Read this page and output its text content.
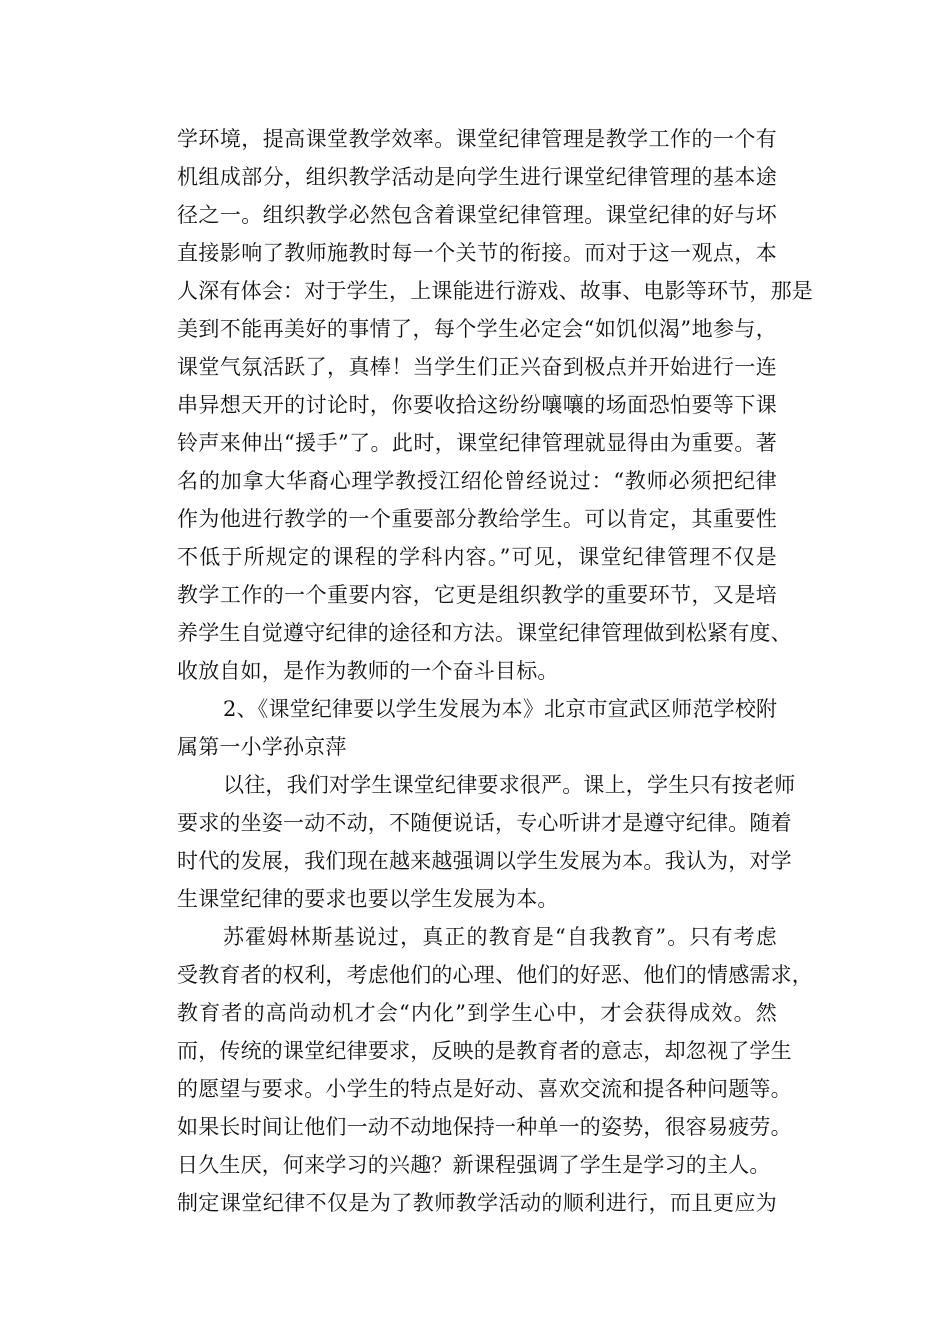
学环境，提高课堂教学效率。课堂纪律管理是教学工作的一个有
机组成部分，组织教学活动是向学生进行课堂纪律管理的基本途
径之一。组织教学必然包含着课堂纪律管理。课堂纪律的好与坏
直接影响了教师施教时每一个关节的衔接。而对于这一观点，本
人深有体会：对于学生，上课能进行游戏、故事、电影等环节，那是
美到不能再美好的事情了，每个学生必定会“如饥似渴”地参与，
课堂气氛活跃了，真棒！当学生们正兴奋到极点并开始进行一连
串异想天开的讨论时，你要收拾这纷纷嚷嚷的场面恐怕要等下课
铃声来伸出“援手”了。此时，课堂纪律管理就显得由为重要。著
名的加拿大华裔心理学教授江绍伦曾经说过：“教师必须把纪律
作为他进行教学的一个重要部分教给学生。可以肯定，其重要性
不低于所规定的课程的学科内容。”可见，课堂纪律管理不仅是
教学工作的一个重要内容，它更是组织教学的重要环节，又是培
养学生自觉遵守纪律的途径和方法。课堂纪律管理做到松紧有度、
收放自如，是作为教师的一个奋斗目标。
2、《课堂纪律要以学生发展为本》北京市宣武区师范学校附
属第一小学孙京萍
以往，我们对学生课堂纪律要求很严。课上，学生只有按老师
要求的坐姿一动不动，不随便说话，专心听讲才是遵守纪律。随着
时代的发展，我们现在越来越强调以学生发展为本。我认为，对学
生课堂纪律的要求也要以学生发展为本。
苏霍姆林斯基说过，真正的教育是“自我教育”。只有考虑
受教育者的权利，考虑他们的心理、他们的好恶、他们的情感需求，
教育者的高尚动机才会“内化”到学生心中，才会获得成效。然
而，传统的课堂纪律要求，反映的是教育者的意志，却忽视了学生
的愿望与要求。小学生的特点是好动、喜欢交流和提各种问题等。
如果长时间让他们一动不动地保持一种单一的姿势，很容易疲劳。
日久生厌，何来学习的兴趣？新课程强调了学生是学习的主人。
制定课堂纪律不仅是为了教师教学活动的顺利进行，而且更应为
